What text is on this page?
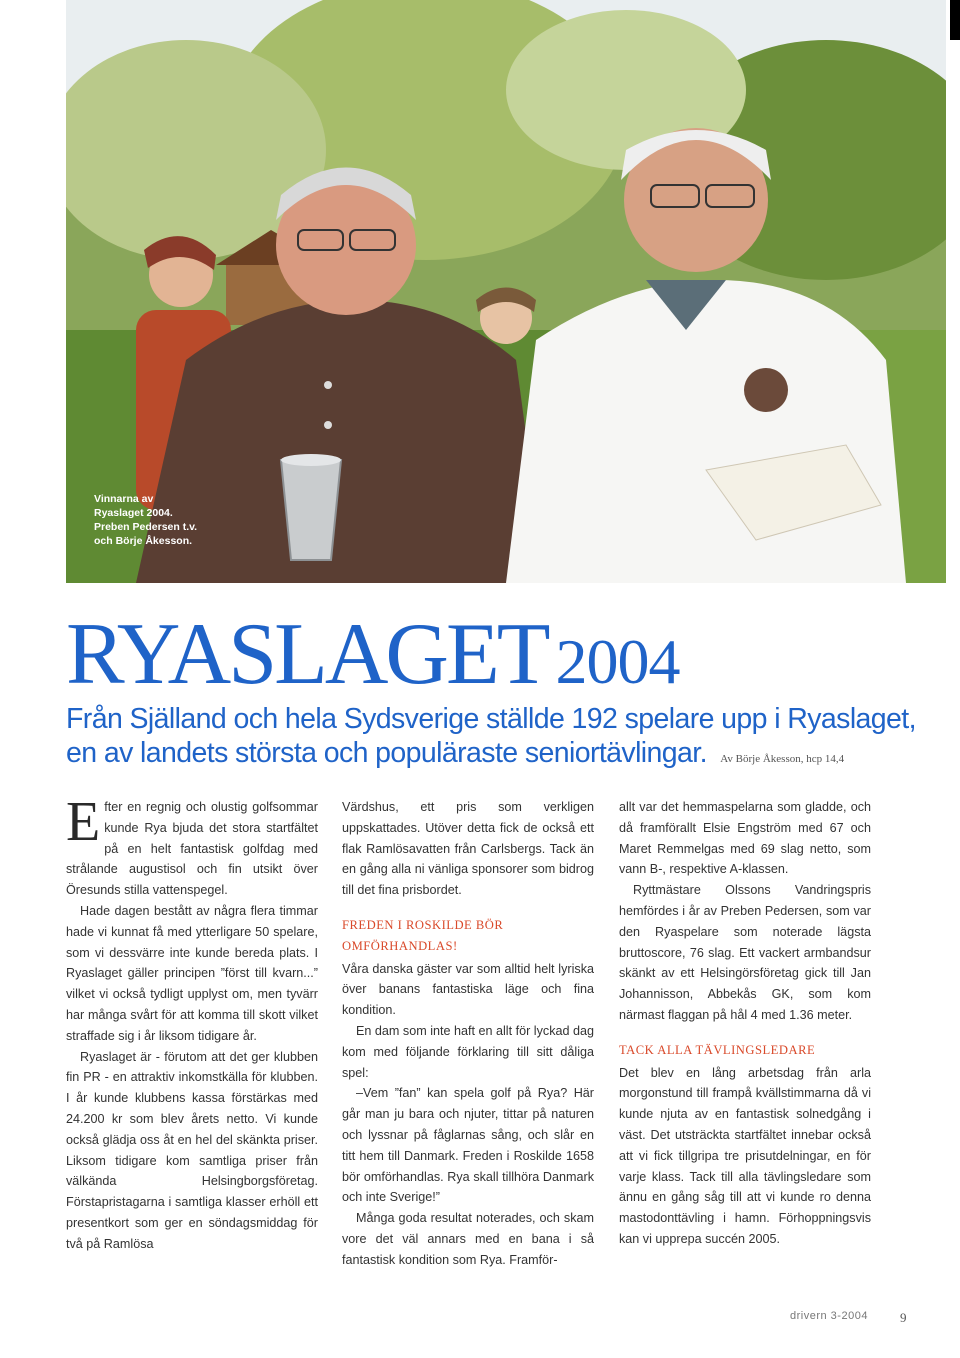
Vinnarna av
Ryaslaget 2004.
Preben Pedersen t.v.
och Börje Åkesson.
RYASLAGET 2004
Från Själland och hela Sydsverige ställde 192 spelare upp i Ryaslaget, en av landets största och populäraste seniortävlingar. Av Börje Åkesson, hcp 14,4

Efter en regnig och olustig golfsommar kunde Rya bjuda det stora startfältet på en helt fantastisk golfdag med strålande augustisol och fin utsikt över Öresunds stilla vattenspegel.

Hade dagen bestått av några flera timmar hade vi kunnat få med ytterligare 50 spelare, som vi dessvärre inte kunde bereda plats. I Ryaslaget gäller principen ”först till kvarn...” vilket vi också tydligt upplyst om, men tyvärr har många svårt för att komma till skott vilket straffade sig i år liksom tidigare år.

Ryaslaget är - förutom att det ger klubben fin PR - en attraktiv inkomstkälla för klubben. I år kunde klubbens kassa förstärkas med 24.200 kr som blev årets netto. Vi kunde också glädja oss åt en hel del skänkta priser. Liksom tidigare kom samtliga priser från välkända Helsingborgsföretag. Förstapristagarna i samtliga klasser erhöll ett presentkort som ger en söndagsmiddag för två på Ramlösa

Värdshus, ett pris som verkligen uppskattades. Utöver detta fick de också ett flak Ramlösavatten från Carlsbergs. Tack än en gång alla ni vänliga sponsorer som bidrog till det fina prisbordet.

FREDEN I ROSKILDE BÖR OMFÖRHANDLAS!

Våra danska gäster var som alltid helt lyriska över banans fantastiska läge och fina kondition.

En dam som inte haft en allt för lyckad dag kom med följande förklaring till sitt dåliga spel:

–Vem ”fan” kan spela golf på Rya? Här går man ju bara och njuter, tittar på naturen och lyssnar på fåglarnas sång, och slår en titt hem till Danmark. Freden i Roskilde 1658 bör omförhandlas. Rya skall tillhöra Danmark och inte Sverige!”

Många goda resultat noterades, och skam vore det väl annars med en bana i så fantastisk kondition som Rya. Framför-

allt var det hemmaspelarna som gladde, och då framförallt Elsie Engström med 67 och Maret Remmelgas med 69 slag netto, som vann B-, respektive A-klassen.

Ryttmästare Olssons Vandringspris hemfördes i år av Preben Pedersen, som var den Ryaspelare som noterade lägsta bruttoscore, 76 slag. Ett vackert armbandsur skänkt av ett Helsingörsföretag gick till Jan Johannisson, Abbekås GK, som kom närmast flaggan på hål 4 med 1.36 meter.

TACK ALLA TÄVLINGSLEDARE

Det blev en lång arbetsdag från arla morgonstund till frampå kvällstimmarna då vi kunde njuta av en fantastisk solnedgång i väst. Det utsträckta startfältet innebar också att vi fick tillgripa tre prisutdelningar, en för varje klass. Tack till alla tävlingsledare som ännu en gång såg till att vi kunde ro denna mastodonttävling i hamn. Förhoppningsvis kan vi upprepa succén 2005.

drivern 3-2004 9
